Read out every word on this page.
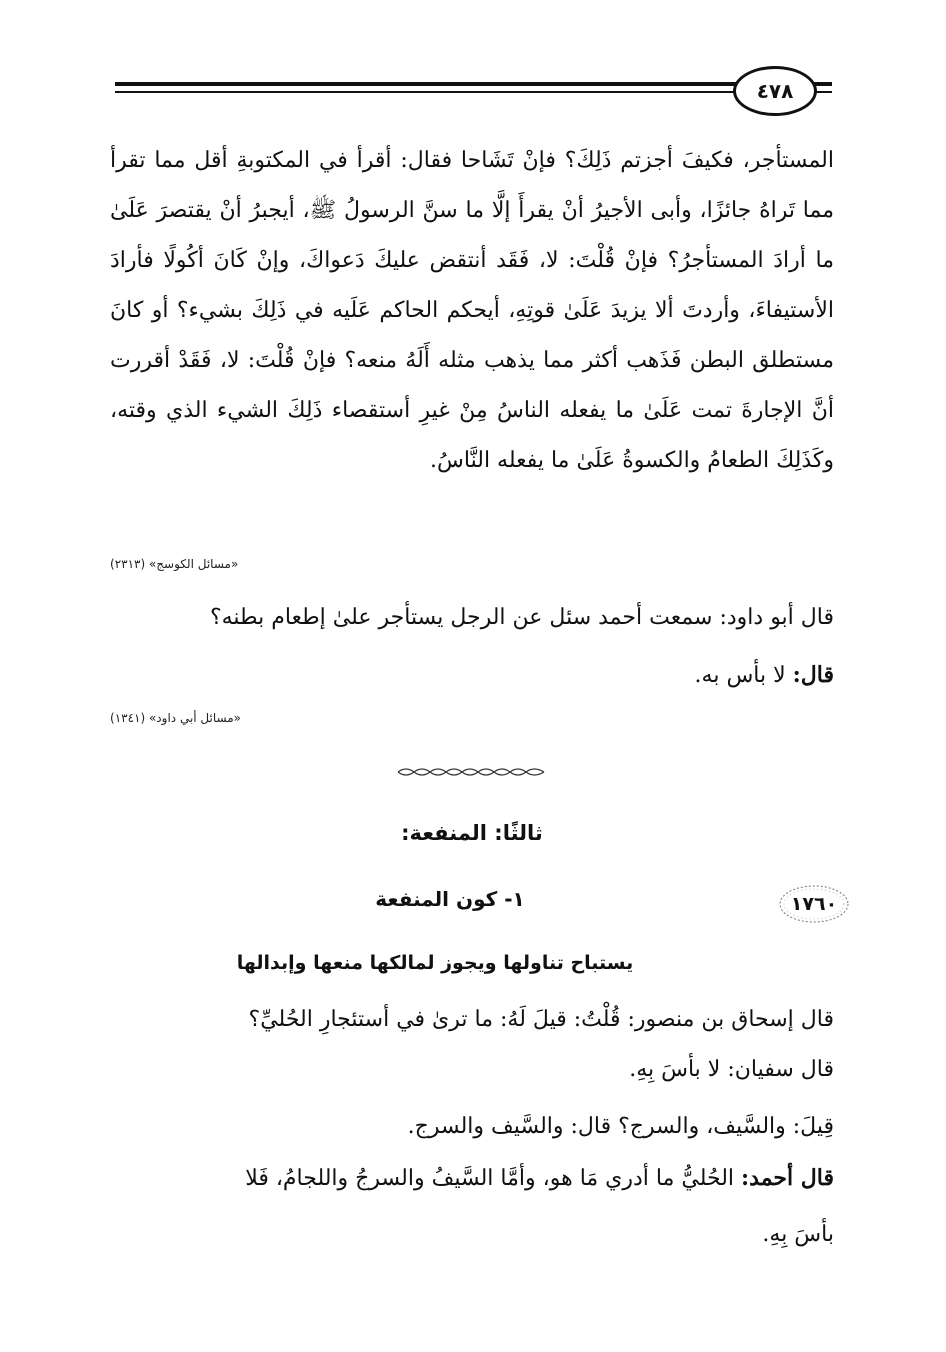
٤٧٨

المستأجر، فكيفَ أجزتم ذَلِكَ؟ فإنْ تَشَاحا فقال: أقرأ في المكتوبةِ أقل مما تقرأ مما تَراهُ جائزًا، وأبى الأجيرُ أنْ يقرأَ إلَّا ما سنَّ الرسولُ ﷺ، أيجبرُ أنْ يقتصرَ عَلَىٰ ما أرادَ المستأجرُ؟ فإنْ قُلْتَ: لا، فَقَد أنتقض عليكَ دَعواكَ، وإنْ كَانَ أكُولًا فأرادَ الأستيفاءَ، وأردتَ ألا يزيدَ عَلَىٰ قوتِهِ، أيحكم الحاكم عَلَيه في ذَلِكَ بشيء؟ أو كانَ مستطلق البطن فَذَهب أكثر مما يذهب مثله أَلَهُ منعه؟ فإنْ قُلْتَ: لا، فَقَدْ أقررت أنَّ الإجارةَ تمت عَلَىٰ ما يفعله الناسُ مِنْ غيرِ أستقصاء ذَلِكَ الشيء الذي وقته، وكَذَلِكَ الطعامُ والكسوةُ عَلَىٰ ما يفعله النَّاسُ.

«مسائل الكوسج» (٢٣١٣)

قال أبو داود: سمعت أحمد سئل عن الرجل يستأجر علىٰ إطعام بطنه؟

قال: لا بأس به.

«مسائل أبي داود» (١٣٤١)
ثالثًا: المنفعة:
١٧٦٠
١- كون المنفعة
يستباح تناولها ويجوز لمالكها منعها وإبدالها

قال إسحاق بن منصور: قُلْتُ: قيلَ لَهُ: ما ترىٰ في أستئجارِ الحُليِّ؟

قال سفيان: لا بأسَ بِهِ.

قِيلَ: والسَّيف، والسرج؟ قال: والسَّيف والسرج.

قال أحمد: الحُليُّ ما أدري مَا هو، وأمَّا السَّيفُ والسرجُ واللجامُ، فَلا

بأسَ بِهِ.
